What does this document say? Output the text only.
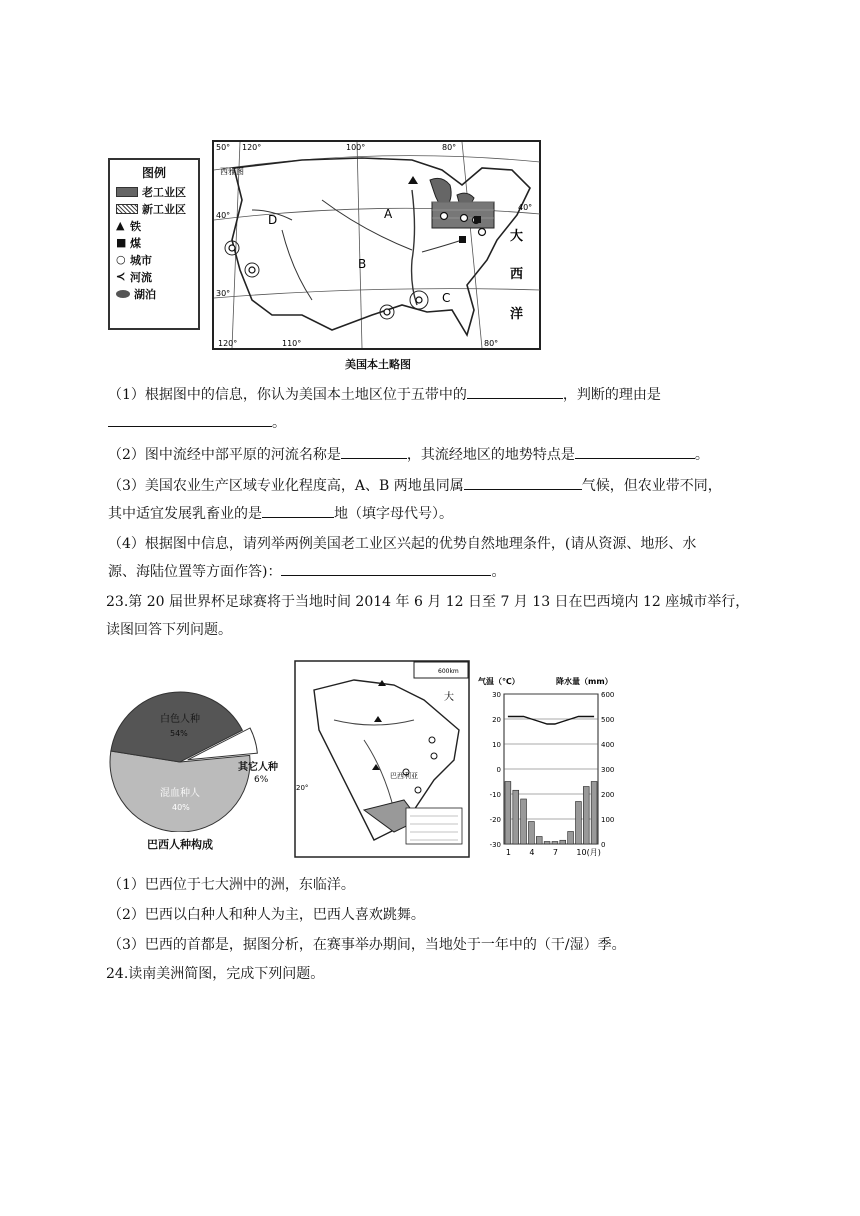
图例
老工业区
新工业区
▲ 铁
■ 煤
○ 城市
≺ 河流
湖泊
50°
40°
30°
120°	100°	80°
120°	110°	80°
40°
西雅图
A
B
C
D
大
西
洋
美国本土略图
（1）根据图中的信息，你认为美国本土地区位于五带中的	，判断的理由是
。
（2）图中流经中部平原的河流名称是	，其流经地区的地势特点是	。
（3）美国农业生产区域专业化程度高，A、B 两地虽同属	气候，但农业带不同，
其中适宜发展乳畜业的是	地（填字母代号）。
（4）根据图中信息，请列举两例美国老工业区兴起的优势自然地理条件，(请从资源、地形、水
源、海陆位置等方面作答)：	。
23.第 20 届世界杯足球赛将于当地时间 2014 年 6 月 12 日至 7 月 13 日在巴西境内 12 座城市举行，
读图回答下列问题。
白色人种
54%
混血种人
40%
其它人种
6%
巴西人种构成
600km
大
巴西利亚
20°
气温（℃）	降水量（mm）
30	600
20	500
10	400
0	300
-10	200
-20	100
-30	0
1 4 7 10(月)
（1）巴西位于七大洲中的洲，东临洋。
（2）巴西以白种人和种人为主，巴西人喜欢跳舞。
（3）巴西的首都是，据图分析，在赛事举办期间，当地处于一年中的（干/湿）季。
24.读南美洲简图，完成下列问题。
